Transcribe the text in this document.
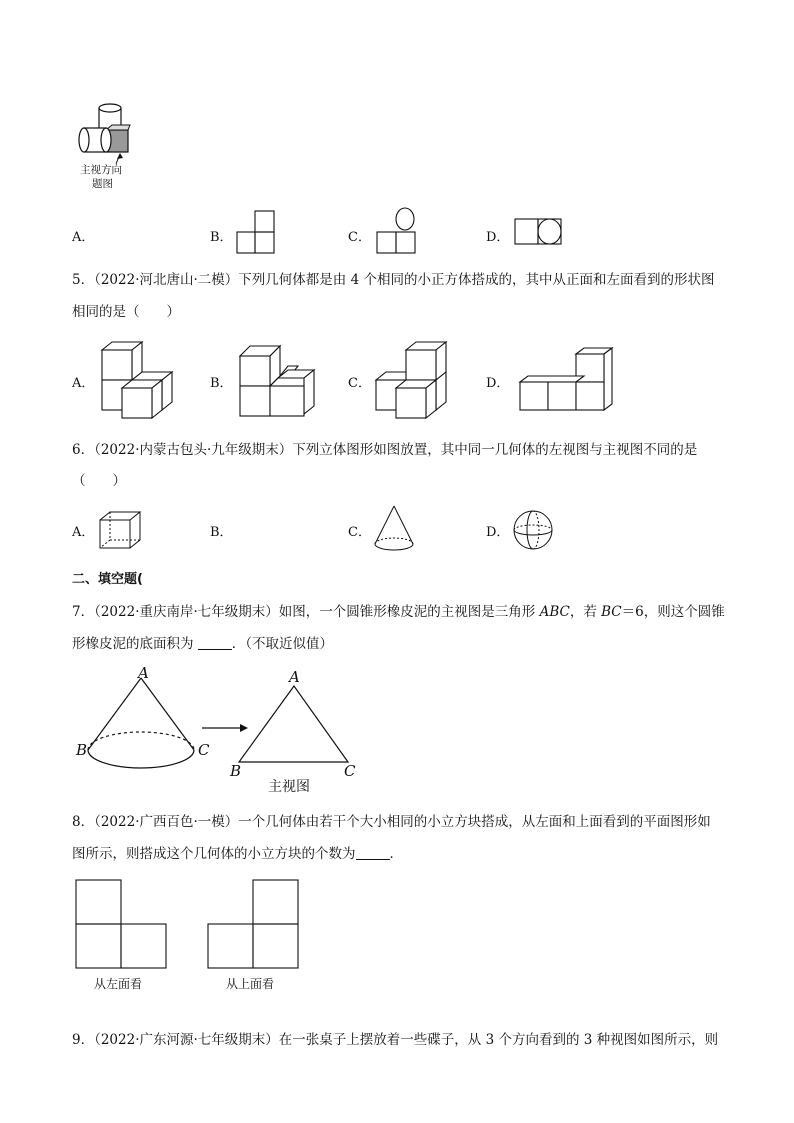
主视方向
题图
A．	B．	C．	D．
5．（2022·河北唐山·二模）下列几何体都是由 4 个相同的小正方体搭成的，其中从正面和左面看到的形状图
相同的是（　　）
A．	B．	C．	D．
6．（2022·内蒙古包头·九年级期末）下列立体图形如图放置，其中同一几何体的左视图与主视图不同的是
（　　）
A．	B．	C．	D．
二、填空题(
7．（2022·重庆南岸·七年级期末）如图，一个圆锥形橡皮泥的主视图是三角形 ABC，若 BC＝6，则这个圆锥
形橡皮泥的底面积为	．（不取近似值）
A
B	C
A
B	C
主视图
8．（2022·广西百色·一模）一个几何体由若干个大小相同的小立方块搭成，从左面和上面看到的平面图形如
图所示，则搭成这个几何体的小立方块的个数为	．
从左面看	从上面看
9．（2022·广东河源·七年级期末）在一张桌子上摆放着一些碟子，从 3 个方向看到的 3 种视图如图所示，则
